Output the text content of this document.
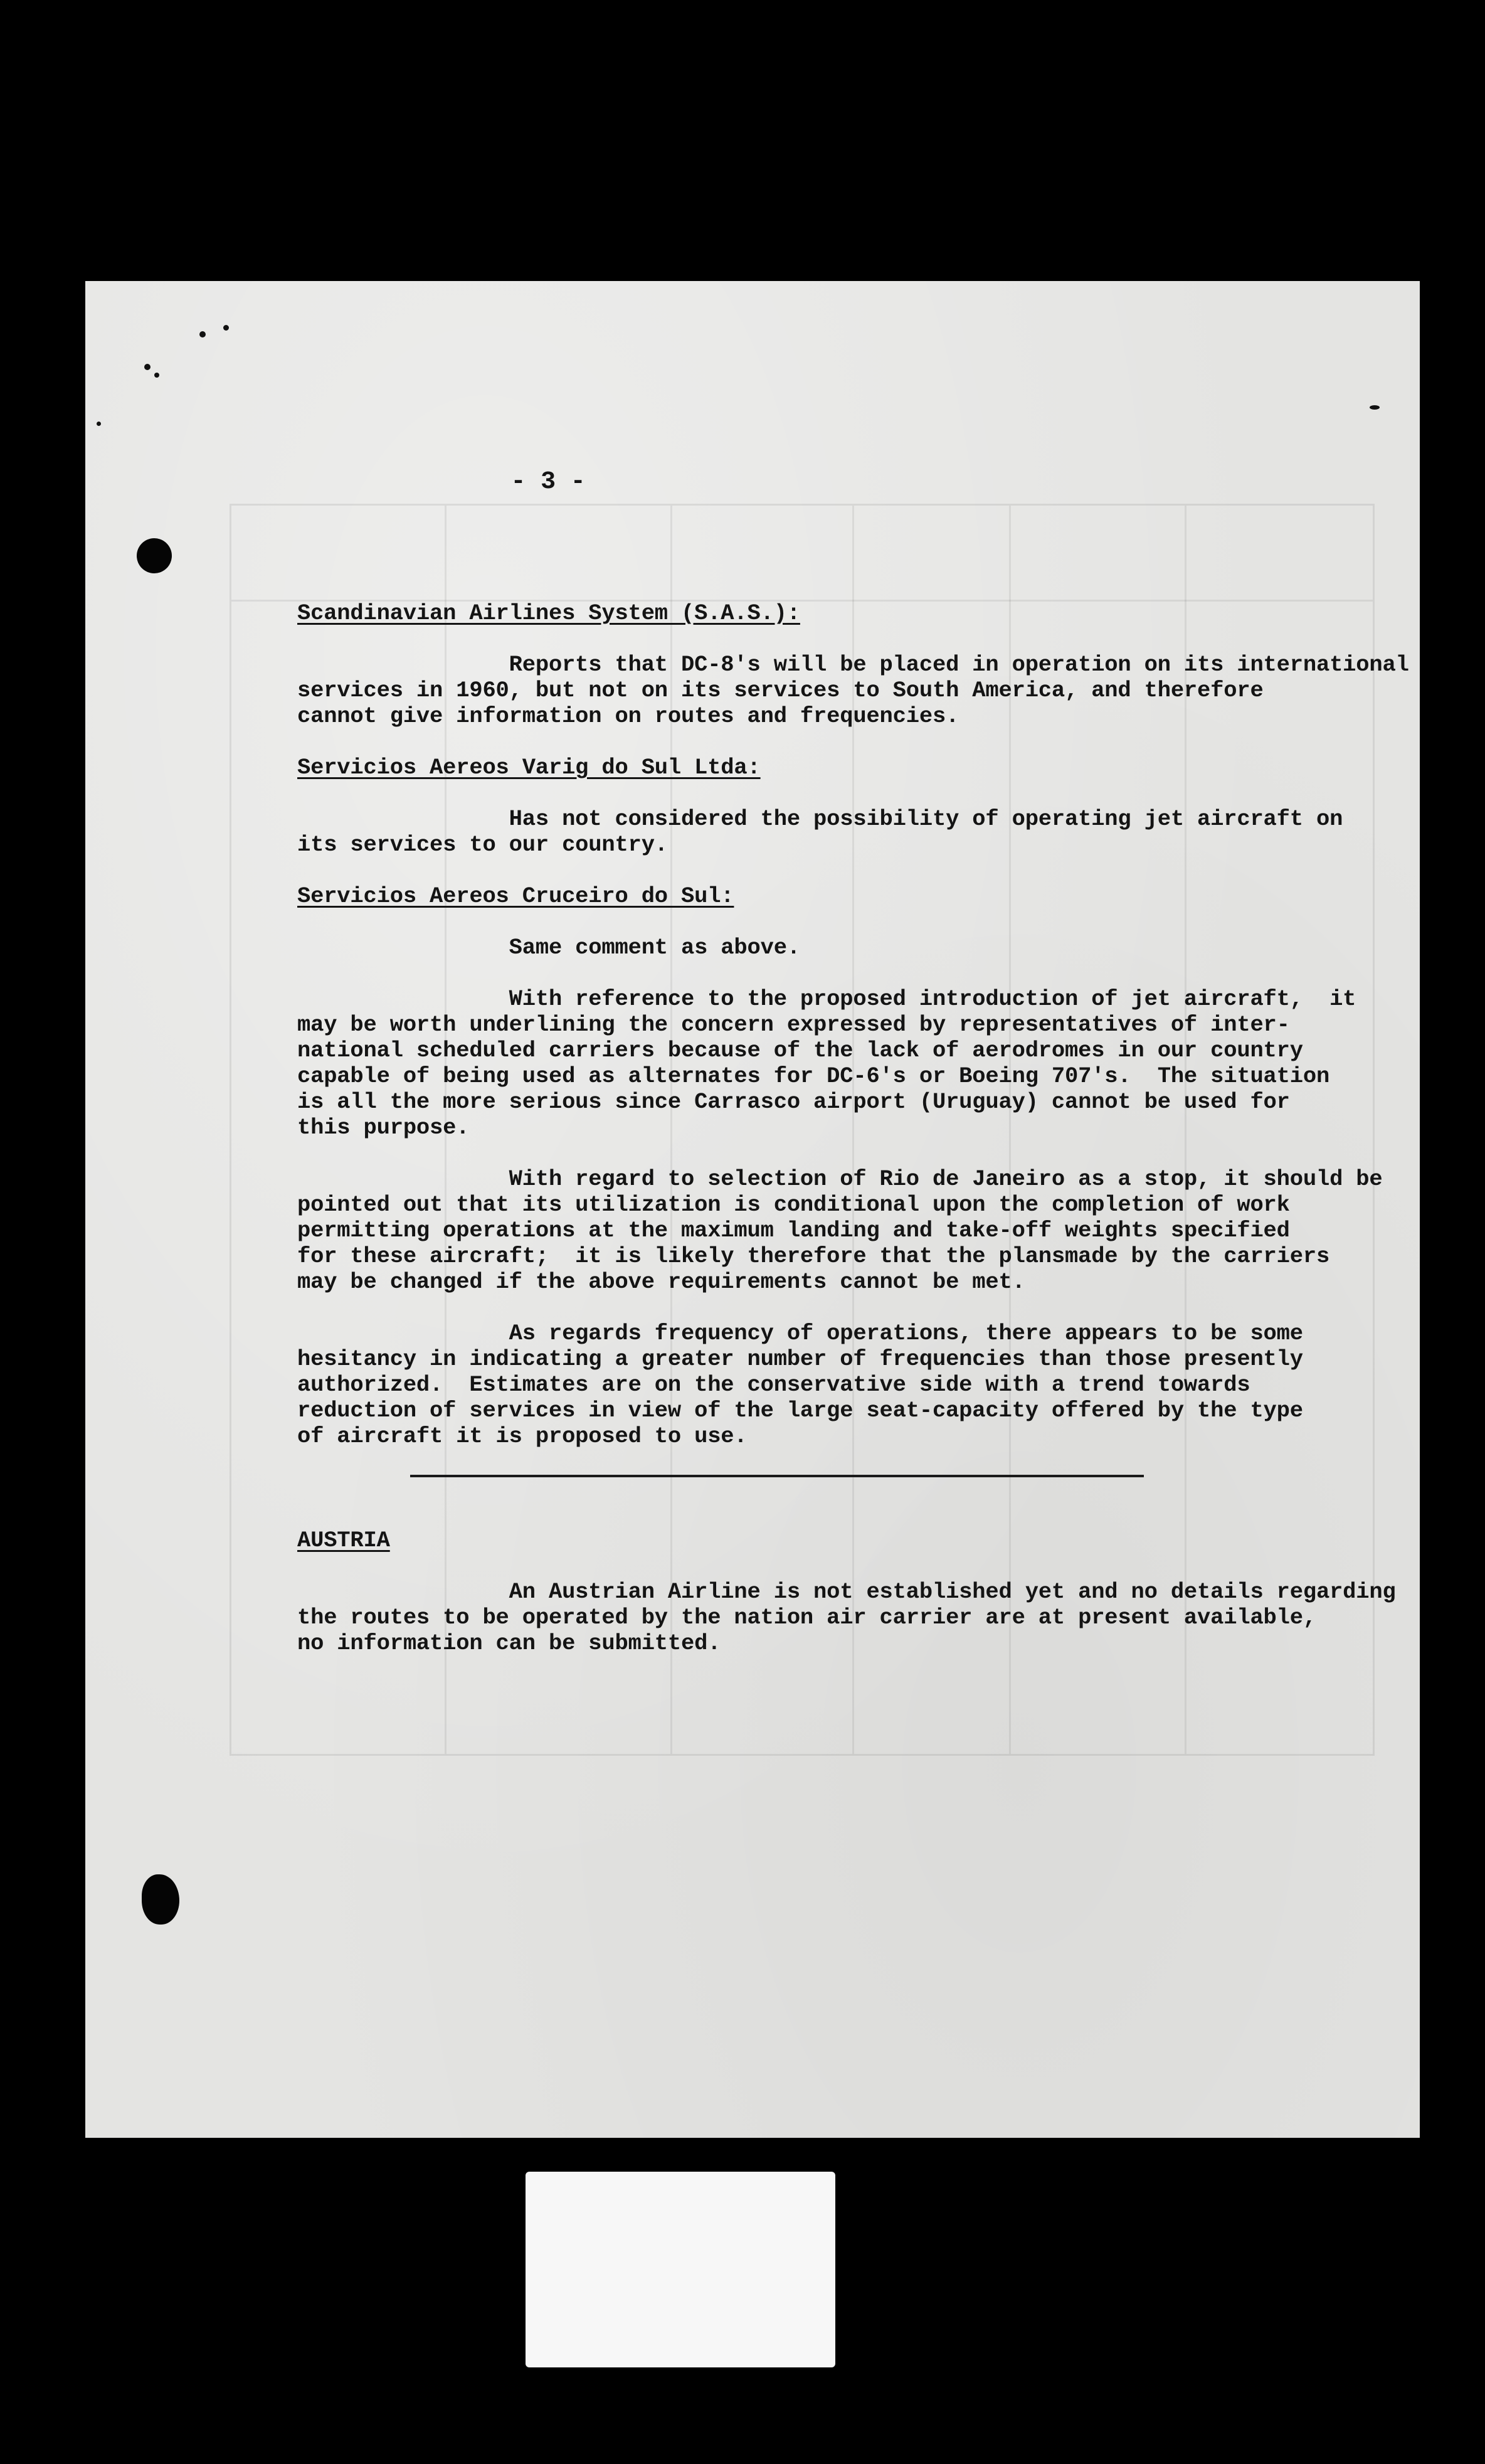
- 3 -
Scandinavian Airlines System (S.A.S.):
Reports that DC-8's will be placed in operation on its international
services in 1960, but not on its services to South America, and therefore
cannot give information on routes and frequencies.
Servicios Aereos Varig do Sul Ltda:
Has not considered the possibility of operating jet aircraft on
its services to our country.
Servicios Aereos Cruceiro do Sul:
Same comment as above.
With reference to the proposed introduction of jet aircraft,  it
may be worth underlining the concern expressed by representatives of inter-
national scheduled carriers because of the lack of aerodromes in our country
capable of being used as alternates for DC-6's or Boeing 707's.  The situation
is all the more serious since Carrasco airport (Uruguay) cannot be used for
this purpose.
With regard to selection of Rio de Janeiro as a stop, it should be
pointed out that its utilization is conditional upon the completion of work
permitting operations at the maximum landing and take-off weights specified
for these aircraft;  it is likely therefore that the plansmade by the carriers
may be changed if the above requirements cannot be met.
As regards frequency of operations, there appears to be some
hesitancy in indicating a greater number of frequencies than those presently
authorized.  Estimates are on the conservative side with a trend towards
reduction of services in view of the large seat-capacity offered by the type
of aircraft it is proposed to use.
AUSTRIA
An Austrian Airline is not established yet and no details regarding
the routes to be operated by the nation air carrier are at present available,
no information can be submitted.
